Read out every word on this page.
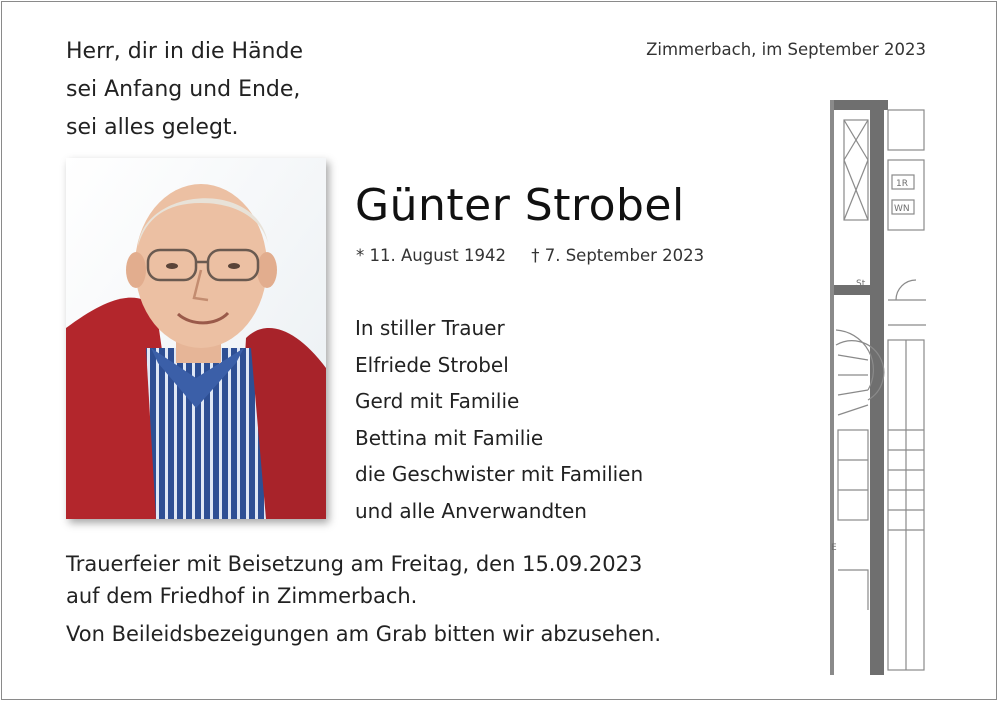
Herr, dir in die Hände
sei Anfang und Ende,
sei alles gelegt.
Zimmerbach, im September 2023
Günter Strobel
* 11. August 1942 † 7. September 2023
In stiller Trauer
Elfriede Strobel
Gerd mit Familie
Bettina mit Familie
die Geschwister mit Familien
und alle Anverwandten
Trauerfeier mit Beisetzung am Freitag, den 15.09.2023
auf dem Friedhof in Zimmerbach.
Von Beileidsbezeigungen am Grab bitten wir abzusehen.
1R
WN
St
E
